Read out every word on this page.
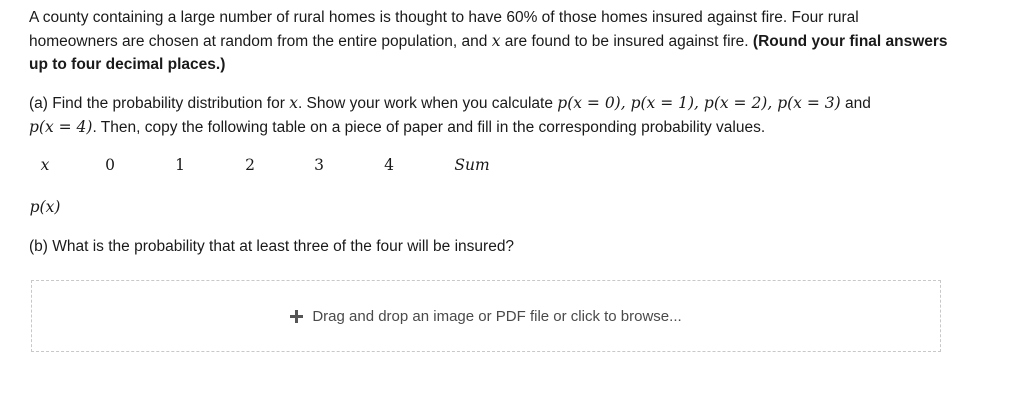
A county containing a large number of rural homes is thought to have 60% of those homes insured against fire. Four rural

homeowners are chosen at random from the entire population, and x are found to be insured against fire. (Round your final answers

up to four decimal places.)

(a) Find the probability distribution for x. Show your work when you calculate p(x = 0), p(x = 1), p(x = 2), p(x = 3) and

p(x = 4). Then, copy the following table on a piece of paper and fill in the corresponding probability values.

x	0	1	2	3	4	Sum
p(x)

(b) What is the probability that at least three of the four will be insured?

Drag and drop an image or PDF file or click to browse...
